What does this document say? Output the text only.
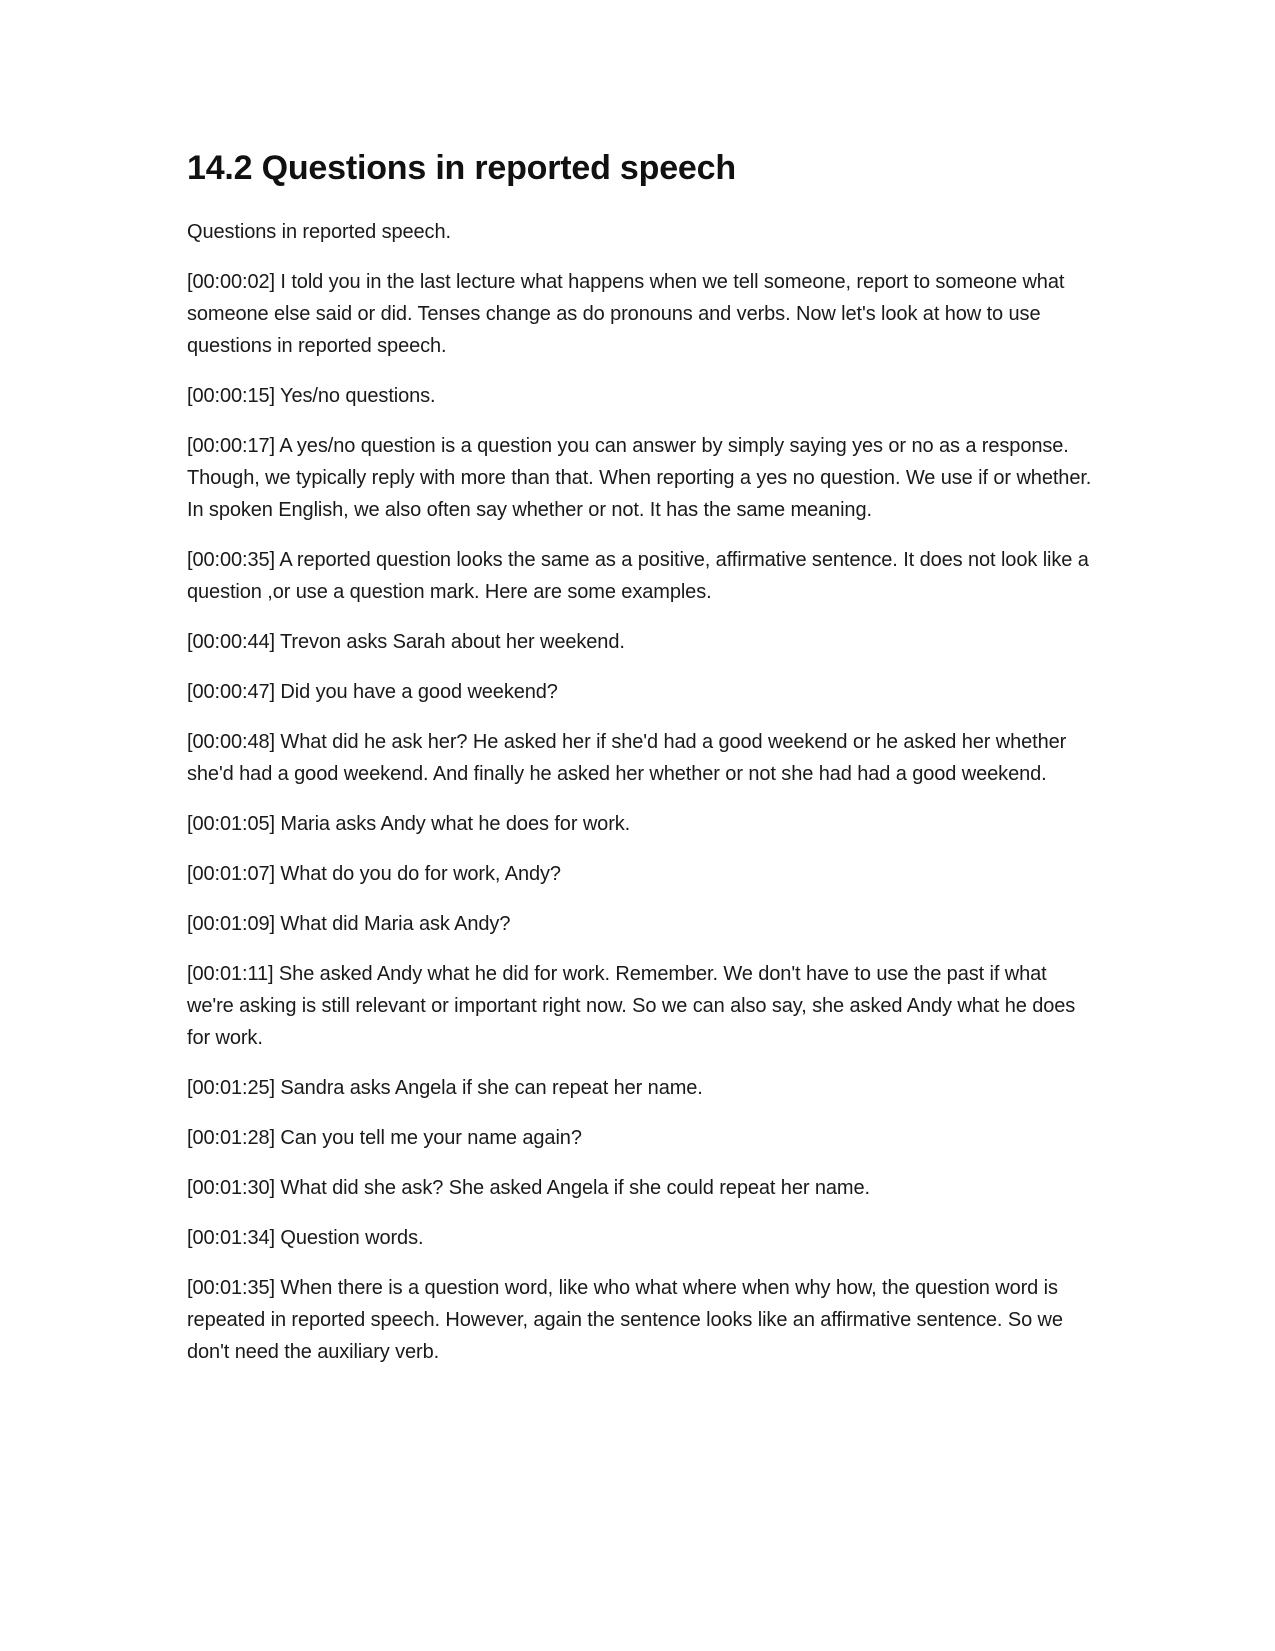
14.2 Questions in reported speech

Questions in reported speech.

[00:00:02] I told you in the last lecture what happens when we tell someone, report to someone what someone else said or did. Tenses change as do pronouns and verbs. Now let's look at how to use questions in reported speech.

[00:00:15] Yes/no questions.

[00:00:17] A yes/no question is a question you can answer by simply saying yes or no as a response. Though, we typically reply with more than that. When reporting a yes no question. We use if or whether. In spoken English, we also often say whether or not. It has the same meaning.

[00:00:35] A reported question looks the same as a positive, affirmative sentence. It does not look like a question ,or use a question mark. Here are some examples.

[00:00:44] Trevon asks Sarah about her weekend.

[00:00:47] Did you have a good weekend?

[00:00:48] What did he ask her? He asked her if she'd had a good weekend or he asked her whether she'd had a good weekend. And finally he asked her whether or not she had had a good weekend.

[00:01:05] Maria asks Andy what he does for work.

[00:01:07] What do you do for work, Andy?

[00:01:09] What did Maria ask Andy?

[00:01:11] She asked Andy what he did for work. Remember. We don't have to use the past if what we're asking is still relevant or important right now. So we can also say, she asked Andy what he does for work.

[00:01:25] Sandra asks Angela if she can repeat her name.

[00:01:28] Can you tell me your name again?

[00:01:30] What did she ask? She asked Angela if she could repeat her name.

[00:01:34] Question words.

[00:01:35] When there is a question word, like who what where when why how, the question word is repeated in reported speech. However, again the sentence looks like an affirmative sentence. So we don't need the auxiliary verb.
